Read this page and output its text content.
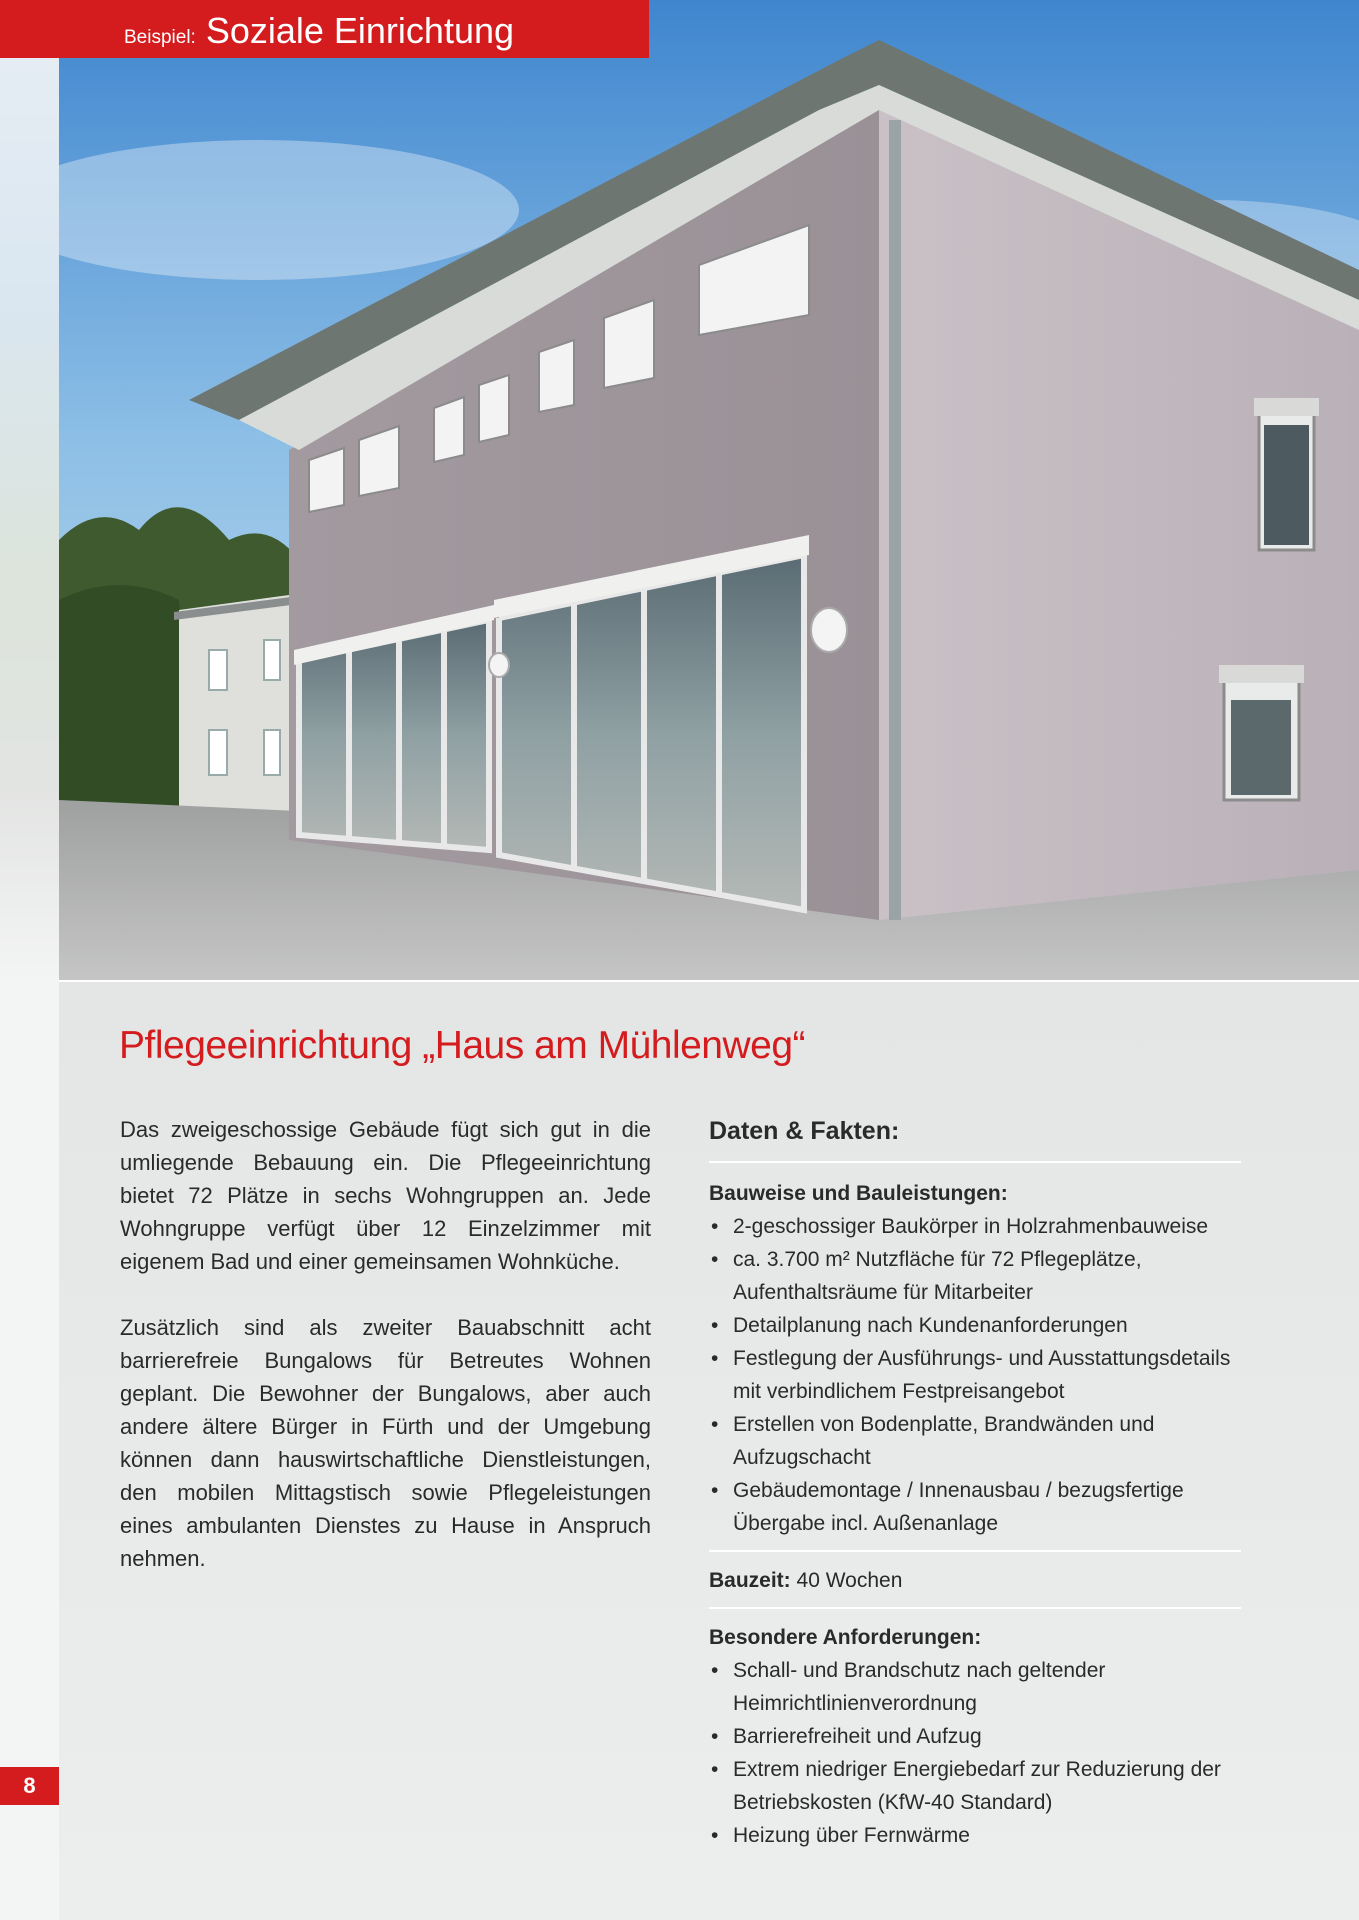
Beispiel: Soziale Einrichtung
Pflegeeinrichtung „Haus am Mühlenweg“

Das zweigeschossige Gebäude fügt sich gut in die umliegende Bebauung ein. Die Pflegeeinrichtung bietet 72 Plätze in sechs Wohngruppen an. Jede Wohngruppe verfügt über 12 Einzelzimmer mit eigenem Bad und einer gemeinsamen Wohnküche.

Zusätzlich sind als zweiter Bauabschnitt acht barrierefreie Bungalows für Betreutes Wohnen geplant. Die Bewohner der Bungalows, aber auch andere ältere Bürger in Fürth und der Umgebung können dann hauswirtschaftliche Dienstleistungen, den mobilen Mittagstisch sowie Pflegeleistungen eines ambulanten Dienstes zu Hause in Anspruch nehmen.

Daten & Fakten:
Bauweise und Bauleistungen:
• 2-geschossiger Baukörper in Holzrahmenbauweise
• ca. 3.700 m² Nutzfläche für 72 Pflegeplätze, Aufenthaltsräume für Mitarbeiter
• Detailplanung nach Kundenanforderungen
• Festlegung der Ausführungs- und Ausstattungsdetails mit verbindlichem Festpreisangebot
• Erstellen von Bodenplatte, Brandwänden und Aufzugschacht
• Gebäudemontage / Innenausbau / bezugsfertige Übergabe incl. Außenanlage
Bauzeit: 40 Wochen
Besondere Anforderungen:
• Schall- und Brandschutz nach geltender Heimrichtlinienverordnung
• Barrierefreiheit und Aufzug
• Extrem niedriger Energiebedarf zur Reduzierung der Betriebskosten (KfW-40 Standard)
• Heizung über Fernwärme
8
